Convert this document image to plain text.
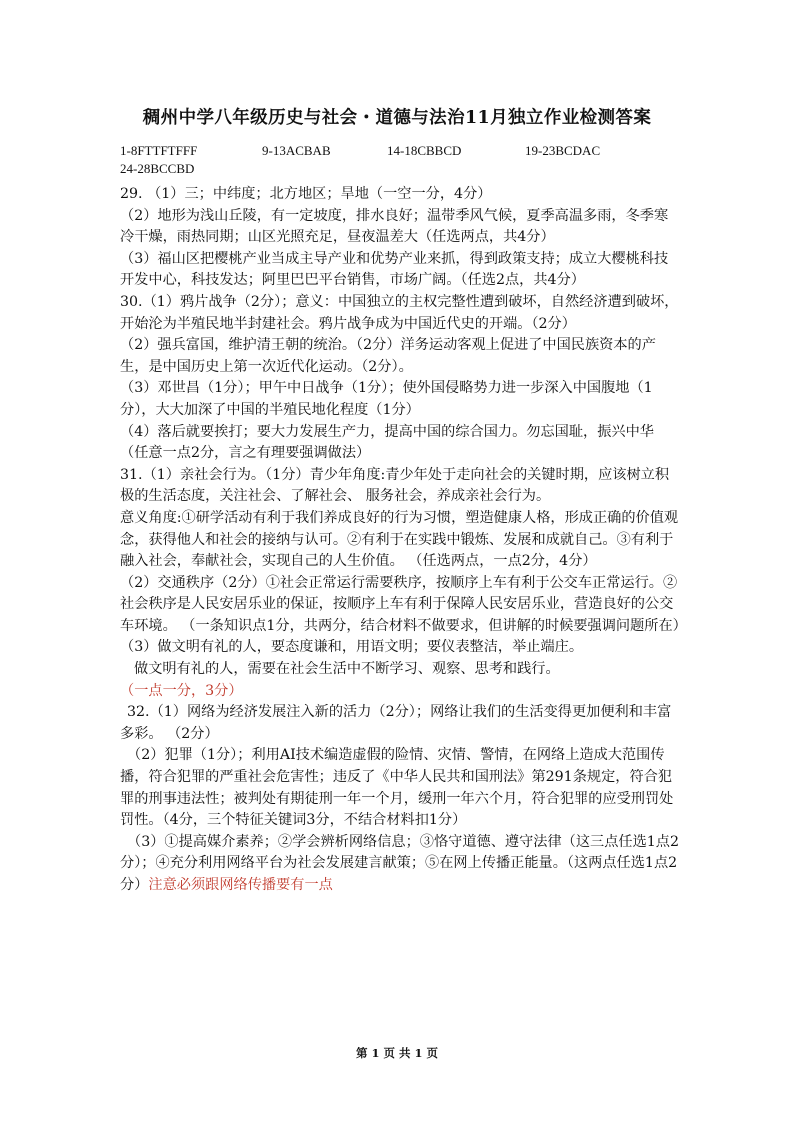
稠州中学八年级历史与社会・道德与法治11月独立作业检测答案
1-8FTTFTFFF	9-13ACBAB	14-18CBBCD	19-23BCDAC
24-28BCCBD

29. （1）三；中纬度；北方地区；旱地（一空一分，4分）

（2）地形为浅山丘陵，有一定坡度，排水良好；温带季风气候，夏季高温多雨，冬季寒冷干燥，雨热同期；山区光照充足，昼夜温差大（任选两点，共4分）

（3）福山区把樱桃产业当成主导产业和优势产业来抓，得到政策支持；成立大樱桃科技开发中心，科技发达；阿里巴巴平台销售，市场广阔。（任选2点，共4分）

30.（1）鸦片战争（2分）；意义：中国独立的主权完整性遭到破坏，自然经济遭到破坏，开始沦为半殖民地半封建社会。鸦片战争成为中国近代史的开端。（2分）

（2）强兵富国，维护清王朝的统治。（2分）洋务运动客观上促进了中国民族资本的产生，是中国历史上第一次近代化运动。（2分）。

（3）邓世昌（1分）；甲午中日战争（1分）；使外国侵略势力进一步深入中国腹地（1分），大大加深了中国的半殖民地化程度（1分）

（4）落后就要挨打；要大力发展生产力，提高中国的综合国力。勿忘国耻，振兴中华（任意一点2分，言之有理要强调做法）

31.（1）亲社会行为。（1分）青少年角度:青少年处于走向社会的关键时期，应该树立积极的生活态度，关注社会、了解社会、 服务社会，养成亲社会行为。

意义角度:①研学活动有利于我们养成良好的行为习惯，塑造健康人格，形成正确的价值观念，获得他人和社会的接纳与认可。②有利于在实践中锻炼、发展和成就自己。③有利于融入社会，奉献社会，实现自己的人生价值。 （任选两点，一点2分，4分）

（2）交通秩序（2分）①社会正常运行需要秩序，按顺序上车有利于公交车正常运行。②社会秩序是人民安居乐业的保证，按顺序上车有利于保障人民安居乐业，营造良好的公交车环境。 （一条知识点1分，共两分，结合材料不做要求，但讲解的时候要强调问题所在）

（3）做文明有礼的人，要态度谦和，用语文明；要仪表整洁，举止端庄。

做文明有礼的人，需要在社会生活中不断学习、观察、思考和践行。

（一点一分，3分）

32.（1）网络为经济发展注入新的活力（2分）；网络让我们的生活变得更加便利和丰富多彩。 （2分）

（2）犯罪（1分）；利用AI技术编造虚假的险情、灾情、警情，在网络上造成大范围传播，符合犯罪的严重社会危害性；违反了《中华人民共和国刑法》第291条规定，符合犯罪的刑事违法性；被判处有期徒刑一年一个月，缓刑一年六个月，符合犯罪的应受刑罚处罚性。（4分，三个特征关键词3分，不结合材料扣1分）

（3）①提高媒介素养；②学会辨析网络信息；③恪守道德、遵守法律（这三点任选1点2分）；④充分利用网络平台为社会发展建言献策；⑤在网上传播正能量。（这两点任选1点2分）注意必须跟网络传播要有一点

第 1 页 共 1 页
